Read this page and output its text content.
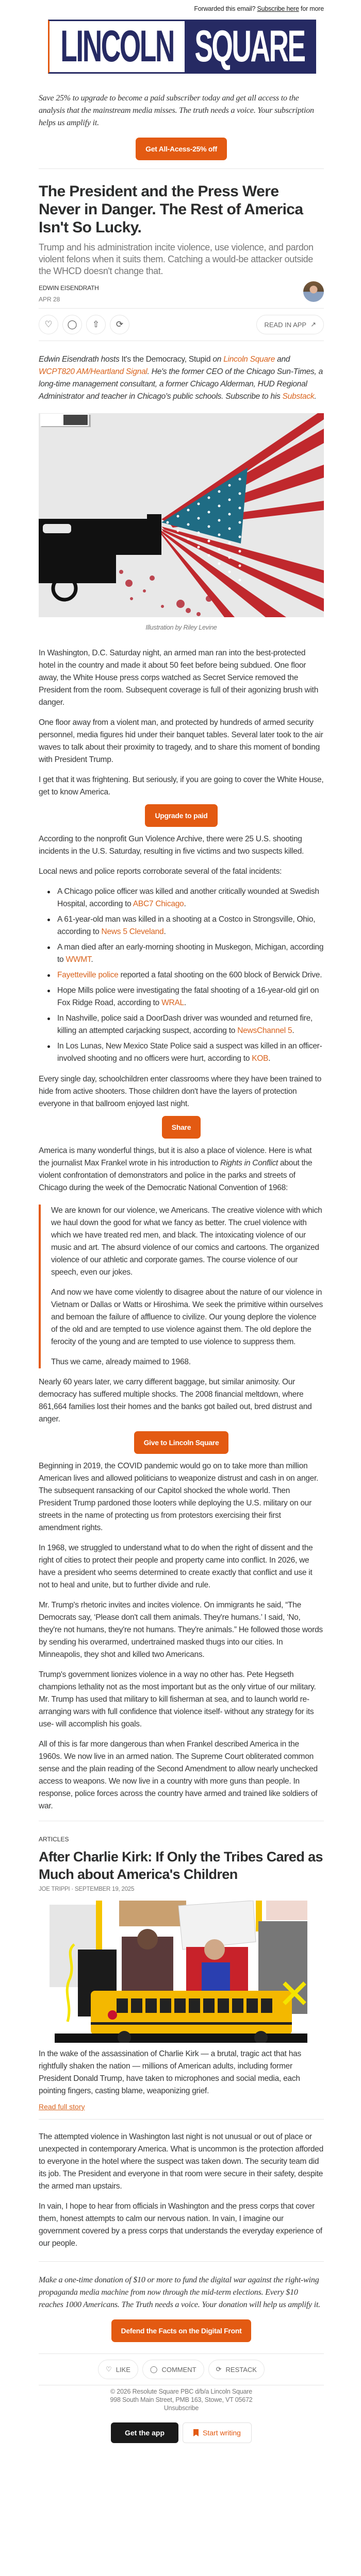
Forwarded this email? Subscribe here for more
LINCOLN SQUARE

Save 25% to upgrade to become a paid subscriber today and get all access to the analysis that the mainstream media misses. The truth needs a voice. Your subscription helps us amplify it.

Get All-Acess-25% off
The President and the Press Were Never in Danger. The Rest of America Isn't So Lucky.

Trump and his administration incite violence, use violence, and pardon violent felons when it suits them. Catching a would-be attacker outside the WHCD doesn't change that.

EDWIN EISENDRATH
APR 28
♡	◯	⇧	⟳	READ IN APP ↗

Edwin Eisendrath hosts It's the Democracy, Stupid on Lincoln Square and WCPT820 AM/Heartland Signal. He's the former CEO of the Chicago Sun-Times, a long-time management consultant, a former Chicago Alderman, HUD Regional Administrator and teacher in Chicago's public schools. Subscribe to his Substack.

Illustration by Riley Levine

In Washington, D.C. Saturday night, an armed man ran into the best-protected hotel in the country and made it about 50 feet before being subdued. One floor away, the White House press corps watched as Secret Service removed the President from the room. Subsequent coverage is full of their agonizing brush with danger.

One floor away from a violent man, and protected by hundreds of armed security personnel, media figures hid under their banquet tables. Several later took to the air waves to talk about their proximity to tragedy, and to share this moment of bonding with President Trump.

I get that it was frightening. But seriously, if you are going to cover the White House, get to know America.

Upgrade to paid

According to the nonprofit Gun Violence Archive, there were 25 U.S. shooting incidents in the U.S. Saturday, resulting in five victims and two suspects killed.

Local news and police reports corroborate several of the fatal incidents:

A Chicago police officer was killed and another critically wounded at Swedish Hospital, according to ABC7 Chicago.
A 61-year-old man was killed in a shooting at a Costco in Strongsville, Ohio, according to News 5 Cleveland.
A man died after an early-morning shooting in Muskegon, Michigan, according to WWMT.
Fayetteville police reported a fatal shooting on the 600 block of Berwick Drive.
Hope Mills police were investigating the fatal shooting of a 16-year-old girl on Fox Ridge Road, according to WRAL.
In Nashville, police said a DoorDash driver was wounded and returned fire, killing an attempted carjacking suspect, according to NewsChannel 5.
In Los Lunas, New Mexico State Police said a suspect was killed in an officer-involved shooting and no officers were hurt, according to KOB.

Every single day, schoolchildren enter classrooms where they have been trained to hide from active shooters. Those children don't have the layers of protection everyone in that ballroom enjoyed last night.

Share

America is many wonderful things, but it is also a place of violence. Here is what the journalist Max Frankel wrote in his introduction to Rights in Conflict about the violent confrontation of demonstrators and police in the parks and streets of Chicago during the week of the Democratic National Convention of 1968:

We are known for our violence, we Americans. The creative violence with which we haul down the good for what we fancy as better. The cruel violence with which we have treated red men, and black. The intoxicating violence of our music and art. The absurd violence of our comics and cartoons. The organized violence of our athletic and corporate games. The course violence of our speech, even our jokes.

And now we have come violently to disagree about the nature of our violence in Vietnam or Dallas or Watts or Hiroshima. We seek the primitive within ourselves and bemoan the failure of affluence to civilize. Our young deplore the violence of the old and are tempted to use violence against them. The old deplore the ferocity of the young and are tempted to use violence to suppress them.

Thus we came, already maimed to 1968.

Nearly 60 years later, we carry different baggage, but similar animosity. Our democracy has suffered multiple shocks. The 2008 financial meltdown, where 861,664 families lost their homes and the banks got bailed out, bred distrust and anger.

Give to Lincoln Square

Beginning in 2019, the COVID pandemic would go on to take more than million American lives and allowed politicians to weaponize distrust and cash in on anger. The subsequent ransacking of our Capitol shocked the whole world. Then President Trump pardoned those looters while deploying the U.S. military on our streets in the name of protecting us from protestors exercising their first amendment rights.

In 1968, we struggled to understand what to do when the right of dissent and the right of cities to protect their people and property came into conflict. In 2026, we have a president who seems determined to create exactly that conflict and use it not to heal and unite, but to further divide and rule.

Mr. Trump's rhetoric invites and incites violence. On immigrants he said, “The Democrats say, ‘Please don't call them animals. They're humans.’ I said, ‘No, they're not humans, they're not humans. They're animals.” He followed those words by sending his overarmed, undertrained masked thugs into our cities. In Minneapolis, they shot and killed two Americans.

Trump's government lionizes violence in a way no other has. Pete Hegseth champions lethality not as the most important but as the only virtue of our military. Mr. Trump has used that military to kill fisherman at sea, and to launch world re-arranging wars with full confidence that violence itself- without any strategy for its use- will accomplish his goals.

All of this is far more dangerous than when Frankel described America in the 1960s. We now live in an armed nation. The Supreme Court obliterated common sense and the plain reading of the Second Amendment to allow nearly unchecked access to weapons. We now live in a country with more guns than people. In response, police forces across the country have armed and trained like soldiers of war.

ARTICLES
After Charlie Kirk: If Only the Tribes Cared as Much about America's Children
JOE TRIPPI · SEPTEMBER 19, 2025

In the wake of the assassination of Charlie Kirk — a brutal, tragic act that has rightfully shaken the nation — millions of American adults, including former President Donald Trump, have taken to microphones and social media, each pointing fingers, casting blame, weaponizing grief.

Read full story

The attempted violence in Washington last night is not unusual or out of place or unexpected in contemporary America. What is uncommon is the protection afforded to everyone in the hotel where the suspect was taken down. The security team did its job. The President and everyone in that room were secure in their safety, despite the armed man upstairs.

In vain, I hope to hear from officials in Washington and the press corps that cover them, honest attempts to calm our nervous nation. In vain, I imagine our government covered by a press corps that understands the everyday experience of our people.

Make a one-time donation of $10 or more to fund the digital war against the right-wing propaganda media machine from now through the mid-term elections. Every $10 reaches 1000 Americans. The Truth needs a voice. Your donation will help us amplify it.

Defend the Facts on the Digital Front
♡ LIKE	◯ COMMENT	⟳ RESTACK
© 2026 Resolute Square PBC d/b/a Lincoln Square
998 South Main Street, PMB 163, Stowe, VT 05672
Unsubscribe
Get the app	Start writing
